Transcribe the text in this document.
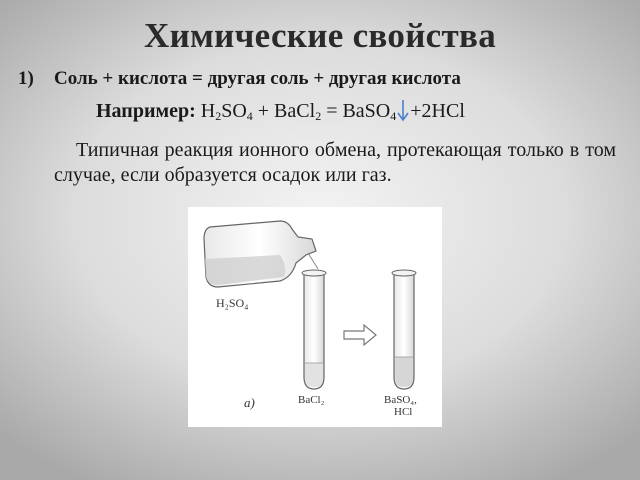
Химические свойства
1) Соль + кислота = другая соль + другая кислота
Например: $H_2SO_4$ + BaCl$_2$ = BaSO$_4$ +2HCl
Типичная реакция ионного обмена, протекающая только в том случае, если образуется осадок или газ.
H₂SO₄
а)	BaCl₂	BaSO₄,
HCl
